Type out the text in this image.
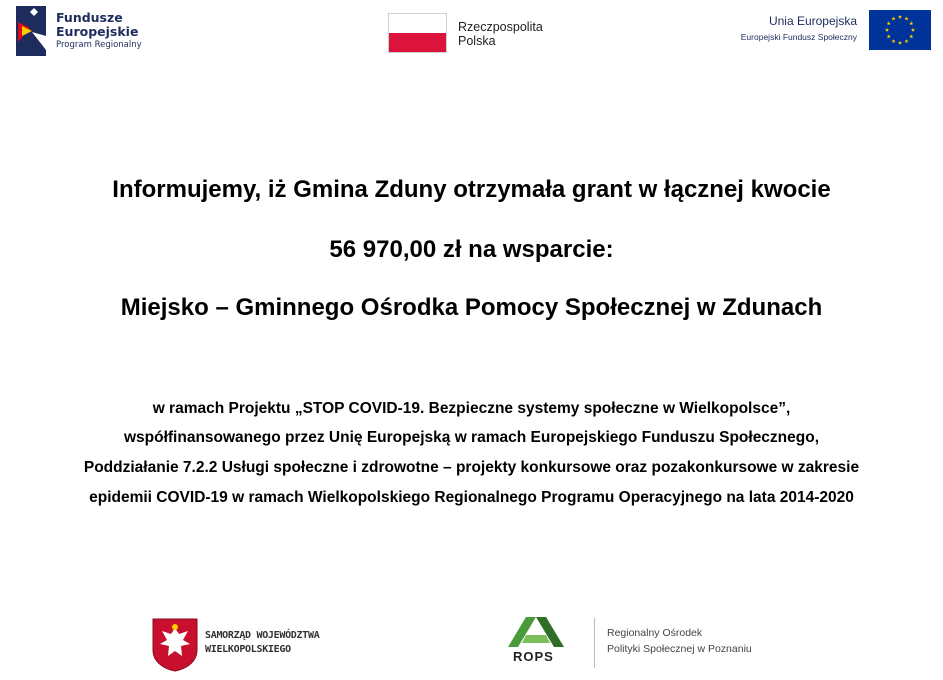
Fundusze
Europejskie
Program Regionalny
Rzeczpospolita
Polska
Unia Europejska
Europejski Fundusz Społeczny
Informujemy, iż Gmina Zduny otrzymała grant w łącznej kwocie
56 970,00 zł na wsparcie:
Miejsko – Gminnego Ośrodka Pomocy Społecznej w Zdunach
w ramach Projektu „STOP COVID-19. Bezpieczne systemy społeczne w Wielkopolsce”,
współfinansowanego przez Unię Europejską w ramach Europejskiego Funduszu Społecznego,
Poddziałanie 7.2.2 Usługi społeczne i zdrowotne – projekty konkursowe oraz pozakonkursowe w zakresie
epidemii COVID-19 w ramach Wielkopolskiego Regionalnego Programu Operacyjnego na lata 2014-2020
SAMORZĄD WOJEWÓDZTWA
WIELKOPOLSKIEGO	ROPS
Regionalny Ośrodek
Polityki Społecznej w Poznaniu
